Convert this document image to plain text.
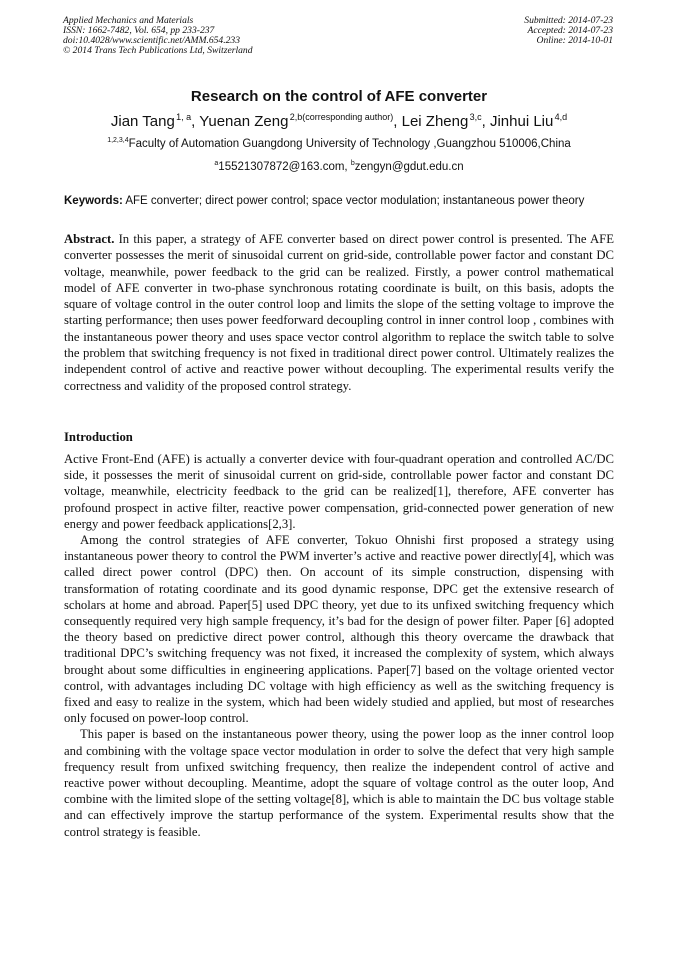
Applied Mechanics and Materials
ISSN: 1662-7482, Vol. 654, pp 233-237
doi:10.4028/www.scientific.net/AMM.654.233
© 2014 Trans Tech Publications Ltd, Switzerland
Submitted: 2014-07-23
Accepted: 2014-07-23
Online: 2014-10-01
Research on the control of AFE converter
Jian Tang $^{1, a}$, Yuenan Zeng $^{2,b(corresponding author)}$, Lei Zheng $^{3,c}$, Jinhui Liu $^{4,d}$
$^{1,2,3,4}$Faculty of Automation Guangdong University of Technology ,Guangzhou 510006,China
$^a$15521307872@163.com, $^b$zengyn@gdut.edu.cn
Keywords: AFE converter; direct power control; space vector modulation; instantaneous power theory
Abstract. In this paper, a strategy of AFE converter based on direct power control is presented. The AFE converter possesses the merit of sinusoidal current on grid-side, controllable power factor and constant DC voltage, meanwhile, power feedback to the grid can be realized. Firstly, a power control mathematical model of AFE converter in two-phase synchronous rotating coordinate is built, on this basis, adopts the square of voltage control in the outer control loop and limits the slope of the setting voltage to improve the starting performance; then uses power feedforward decoupling control in inner control loop , combines with the instantaneous power theory and uses space vector control algorithm to replace the switch table to solve the problem that switching frequency is not fixed in traditional direct power control. Ultimately realizes the independent control of active and reactive power without decoupling. The experimental results verify the correctness and validity of the proposed control strategy.
Introduction

Active Front-End (AFE) is actually a converter device with four-quadrant operation and controlled AC/DC side, it possesses the merit of sinusoidal current on grid-side, controllable power factor and constant DC voltage, meanwhile, electricity feedback to the grid can be realized[1], therefore, AFE converter has profound prospect in active filter, reactive power compensation, grid-connected power generation of new energy and power feedback applications[2,3].

Among the control strategies of AFE converter, Tokuo Ohnishi first proposed a strategy using instantaneous power theory to control the PWM inverter’s active and reactive power directly[4], which was called direct power control (DPC) then. On account of its simple construction, dispensing with transformation of rotating coordinate and its good dynamic response, DPC get the extensive research of scholars at home and abroad. Paper[5] used DPC theory, yet due to its unfixed switching frequency which consequently required very high sample frequency, it’s bad for the design of power filter. Paper [6] adopted the theory based on predictive direct power control, although this theory overcame the drawback that traditional DPC’s switching frequency was not fixed, it increased the complexity of system, which always brought about some difficulties in engineering applications. Paper[7] based on the voltage oriented vector control, with advantages including DC voltage with high efficiency as well as the switching frequency is fixed and easy to realize in the system, which had been widely studied and applied, but most of researches only focused on power-loop control.

This paper is based on the instantaneous power theory, using the power loop as the inner control loop and combining with the voltage space vector modulation in order to solve the defect that very high sample frequency result from unfixed switching frequency, then realize the independent control of active and reactive power without decoupling. Meantime, adopt the square of voltage control as the outer loop, And combine with the limited slope of the setting voltage[8], which is able to maintain the DC bus voltage stable and can effectively improve the startup performance of the system. Experimental results show that the control strategy is feasible.
